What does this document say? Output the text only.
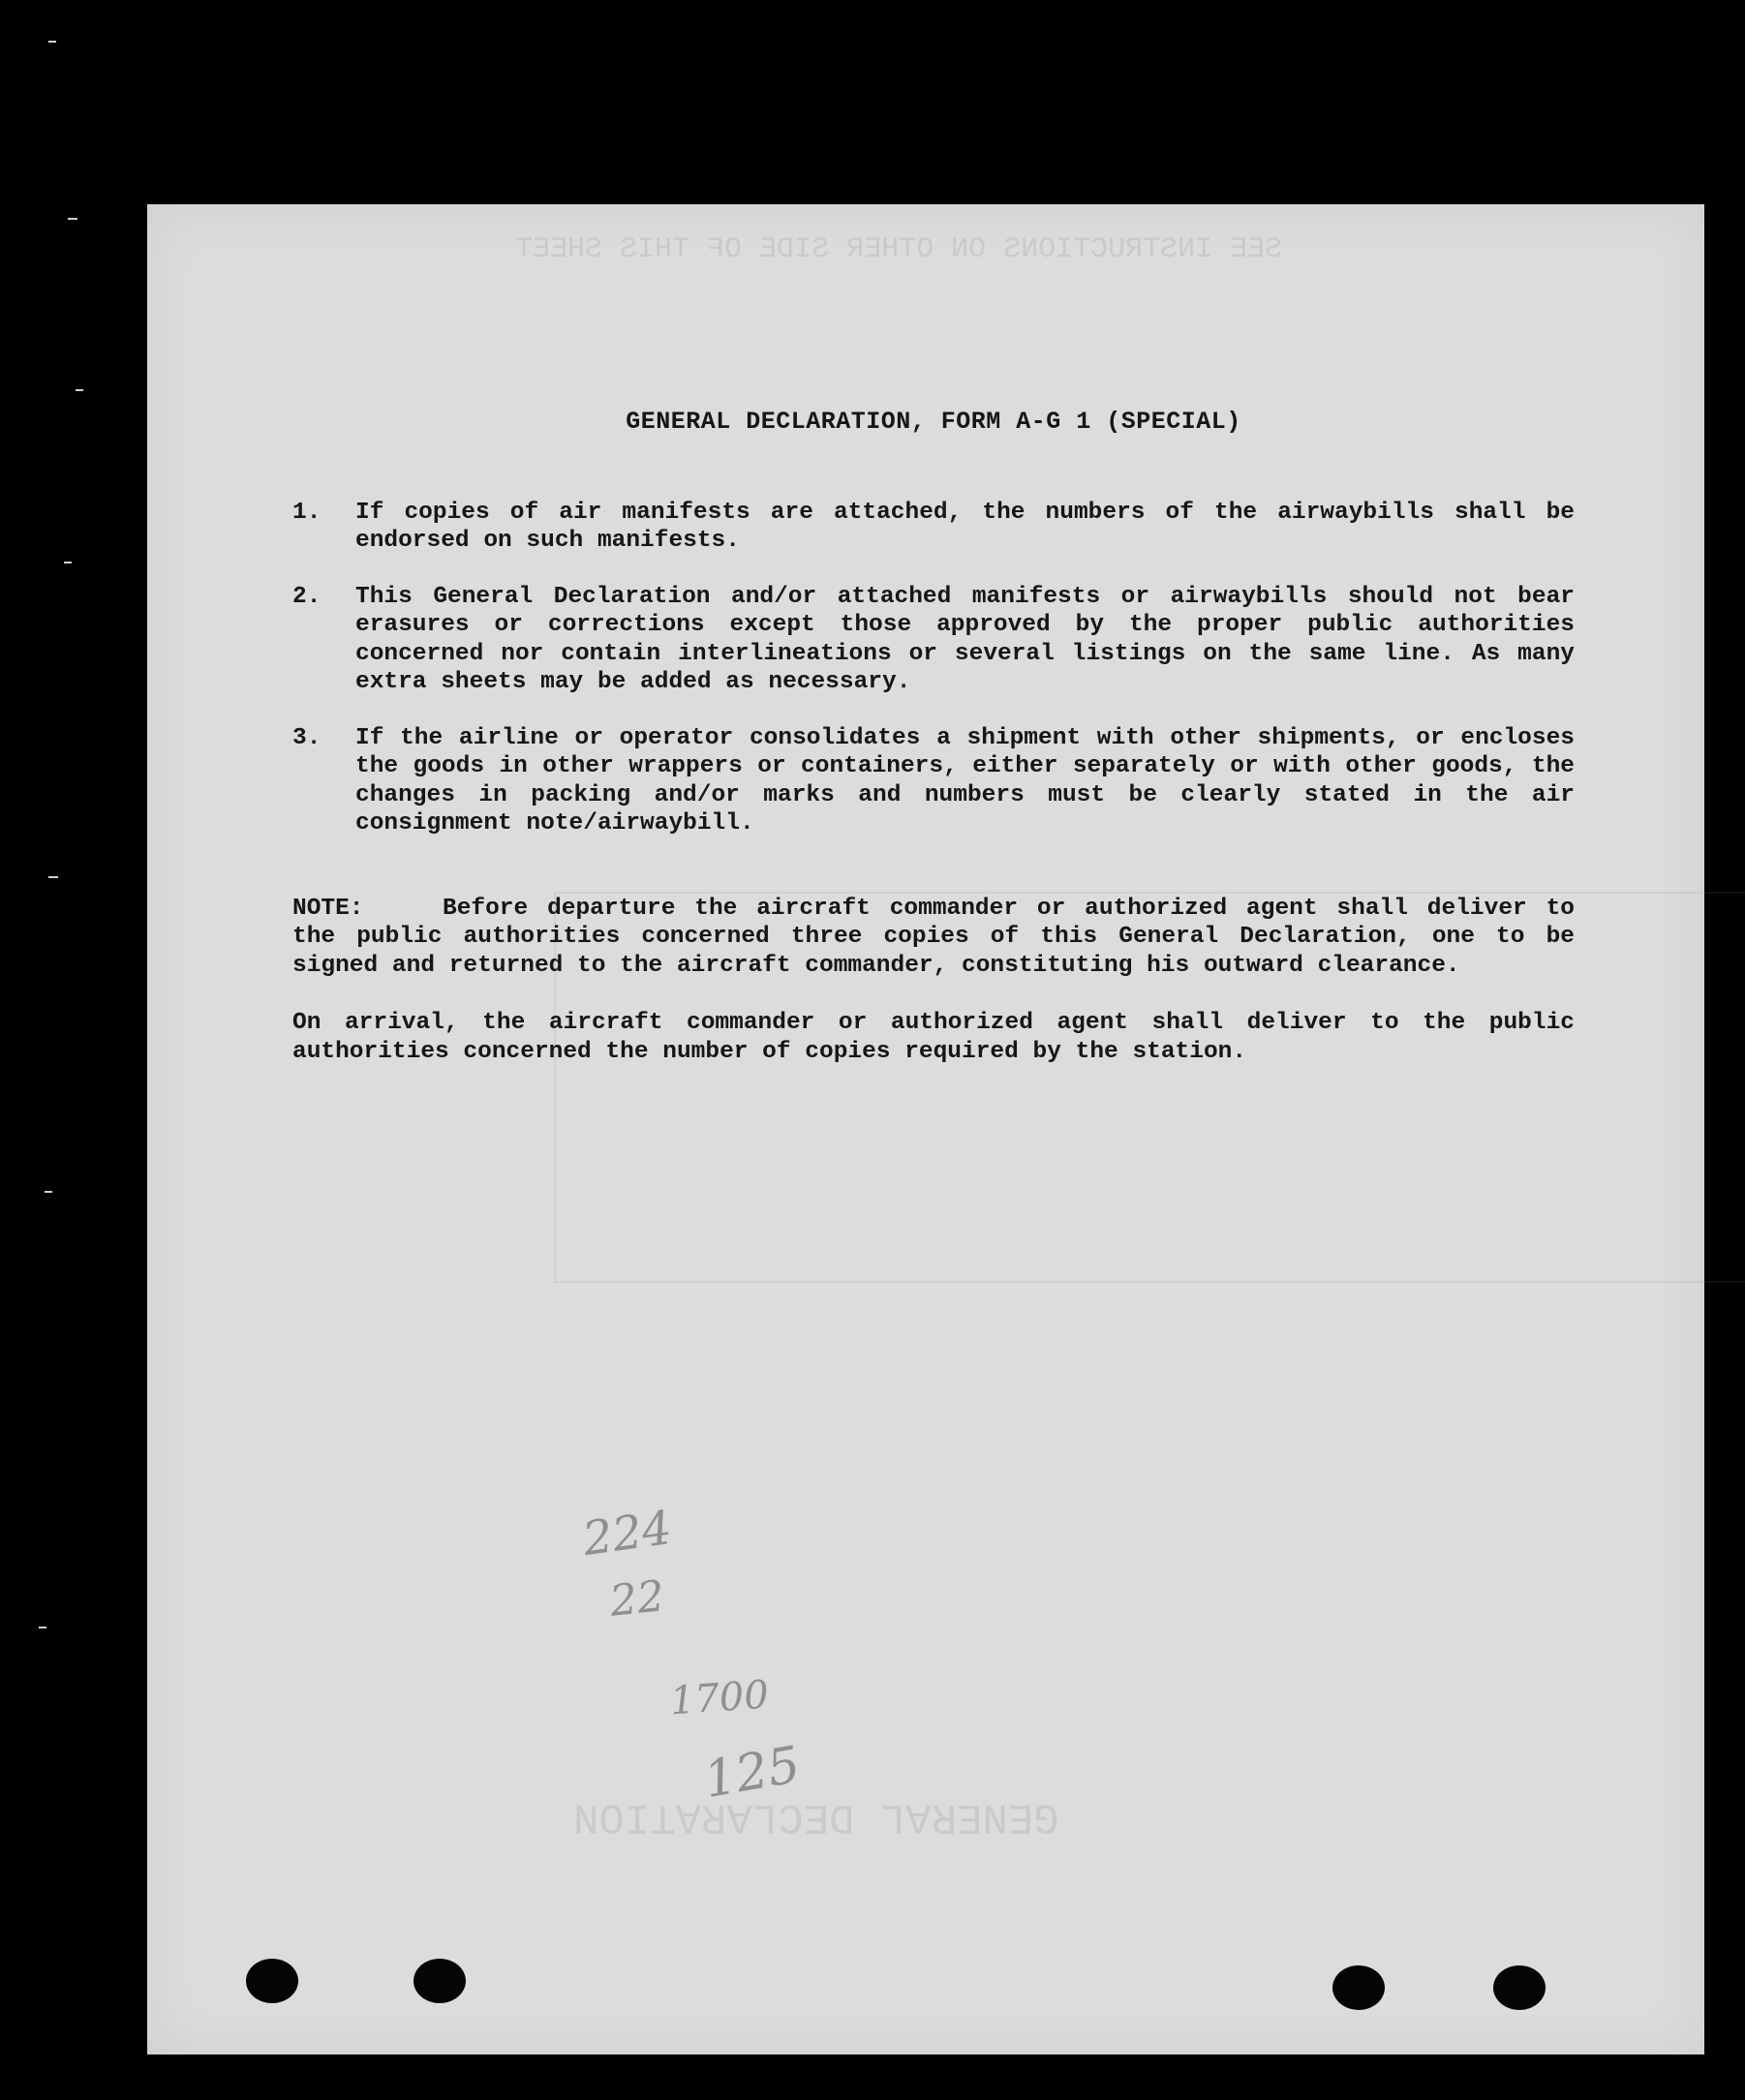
SEE INSTRUCTIONS ON OTHER SIDE OF THIS SHEET
GENERAL DECLARATION
GENERAL DECLARATION, FORM A-G 1 (SPECIAL)
1.	If copies of air manifests are attached, the numbers of the airwaybills shall be endorsed on such manifests.
2.	This General Declaration and/or attached manifests or airwaybills should not bear erasures or corrections except those approved by the proper public authorities concerned nor contain interlineations or several listings on the same line. As many extra sheets may be added as necessary.
3.	If the airline or operator consolidates a shipment with other shipments, or encloses the goods in other wrappers or containers, either separately or with other goods, the changes in packing and/or marks and numbers must be clearly stated in the air consignment note/airwaybill.
NOTE:	Before departure the aircraft commander or authorized agent shall deliver to the public authorities concerned three copies of this General Declaration, one to be signed and returned to the aircraft commander, constituting his outward clearance.
On arrival, the aircraft commander or authorized agent shall deliver to the public authorities concerned the number of copies required by the station.
224
22
1700
125
